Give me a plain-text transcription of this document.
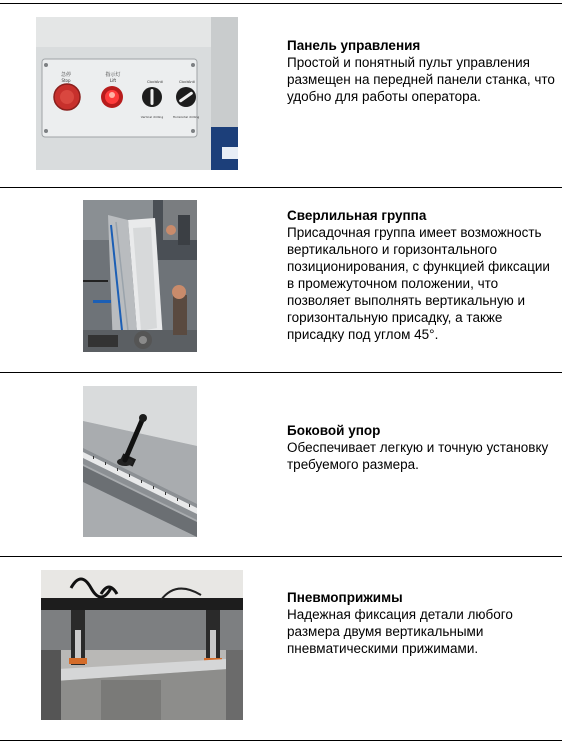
急停
Stop
指示灯
Lift	Clock Anti	Clock Anti
Vertical drilling	Horizontal drilling
Панель управления
Простой и понятный пульт управления размещен на передней панели станка, что удобно для работы оператора.
Сверлильная группа
Присадочная группа имеет возможность вертикального и горизонтального позиционирования, с функцией фиксации в промежуточном положении, что позволяет выполнять вертикальную и горизонтальную присадку, а также присадку под углом 45°.
Боковой упор
Обеспечивает легкую и точную установку требуемого размера.
Пневмоприжимы
Надежная фиксация детали любого размера двумя вертикальными пневматическими прижимами.
